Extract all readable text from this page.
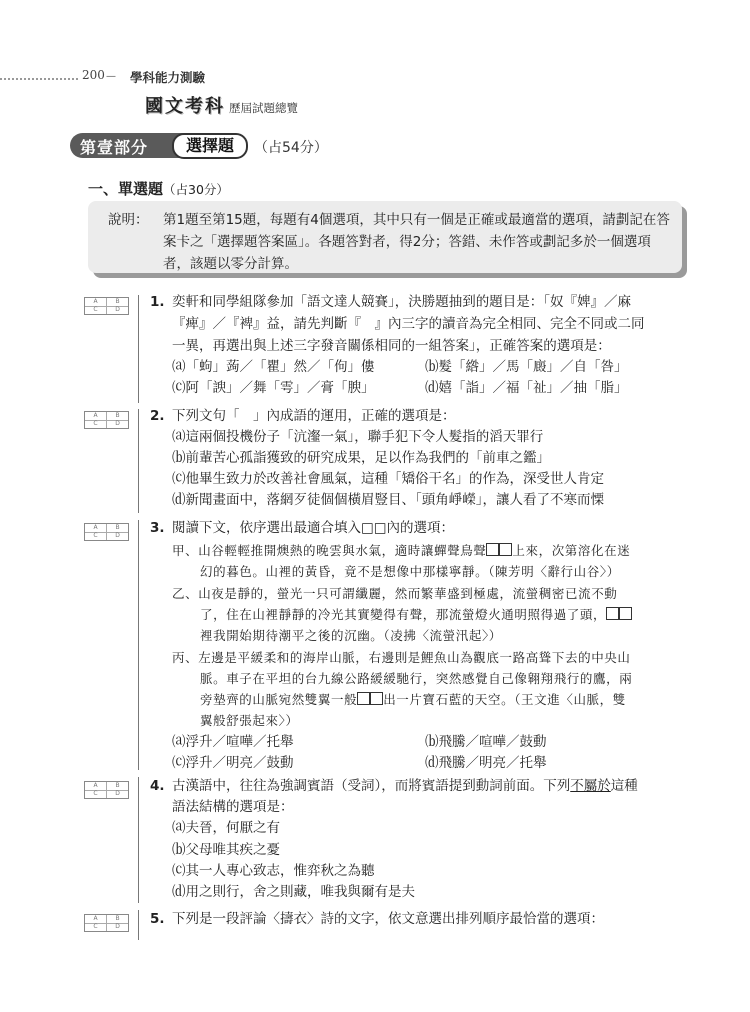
200 — 學科能力測驗
國文考科 歷屆試題總覽
第壹部分	選擇題	（占54分）
一、單選題（占30分）
說明： 第1題至第15題，每題有4個選項，其中只有一個是正確或最適當的選項，請劃記在答
案卡之「選擇題答案區」。各題答對者，得2分；答錯、未作答或劃記多於一個選項
者，該題以零分計算。
A	B
C	D	1. 奕軒和同學組隊參加「語文達人競賽」，決勝題抽到的題目是：「奴『婢』／麻
『痺』／『裨』益，請先判斷『　』內三字的讀音為完全相同、完全不同或二同
一異，再選出與上述三字發音關係相同的一組答案」，正確答案的選項是：
⒜「蚼」蒟／「瞿」然／「佝」僂	⒝髮「綹」／馬「廄」／自「咎」
⒞阿「諛」／舞「雩」／膏「腴」	⒟嬉「詣」／福「祉」／抽「脂」
A	B
C	D	2. 下列文句「　」內成語的運用，正確的選項是：
⒜這兩個投機份子「沆瀣一氣」，聯手犯下令人髮指的滔天罪行
⒝前輩苦心孤詣獲致的研究成果，足以作為我們的「前車之鑑」
⒞他畢生致力於改善社會風氣，這種「矯俗干名」的作為，深受世人肯定
⒟新聞畫面中，落網歹徒個個橫眉豎目、「頭角崢嶸」，讓人看了不寒而慄
A	B
C	D	3. 閱讀下文，依序選出最適合填入□□內的選項：
甲、山谷輕輕推開燠熱的晚雲與水氣，適時讓蟬聲鳥聲 上來，次第溶化在迷
幻的暮色。山裡的黃昏，竟不是想像中那樣寧靜。（陳芳明〈辭行山谷〉）
乙、山夜是靜的，螢光一只可謂纖麗，然而繁華盛到極處，流螢稠密已流不動
了，住在山裡靜靜的冷光其實變得有聲，那流螢燈火通明照得過了頭，
裡我開始期待潮平之後的沉幽。（凌拂〈流螢汛起〉）
丙、左邊是平緩柔和的海岸山脈，右邊則是鯉魚山為觀底一路高聳下去的中央山
脈。車子在平坦的台九線公路緩緩馳行，突然感覺自己像翱翔飛行的鷹，兩
旁墊齊的山脈宛然雙翼一般 出一片寶石藍的天空。（王文進〈山脈，雙
翼般舒張起來〉）
⒜浮升／喧嘩／托舉	⒝飛騰／喧嘩／鼓動
⒞浮升／明亮／鼓動	⒟飛騰／明亮／托舉
A	B
C	D	4. 古漢語中，往往為強調賓語（受詞），而將賓語提到動詞前面。下列不屬於這種
語法結構的選項是：
⒜夫晉，何厭之有
⒝父母唯其疾之憂
⒞其一人專心致志，惟弈秋之為聽
⒟用之則行，舍之則藏，唯我與爾有是夫
A	B
C	D	5. 下列是一段評論〈擣衣〉詩的文字，依文意選出排列順序最恰當的選項：
